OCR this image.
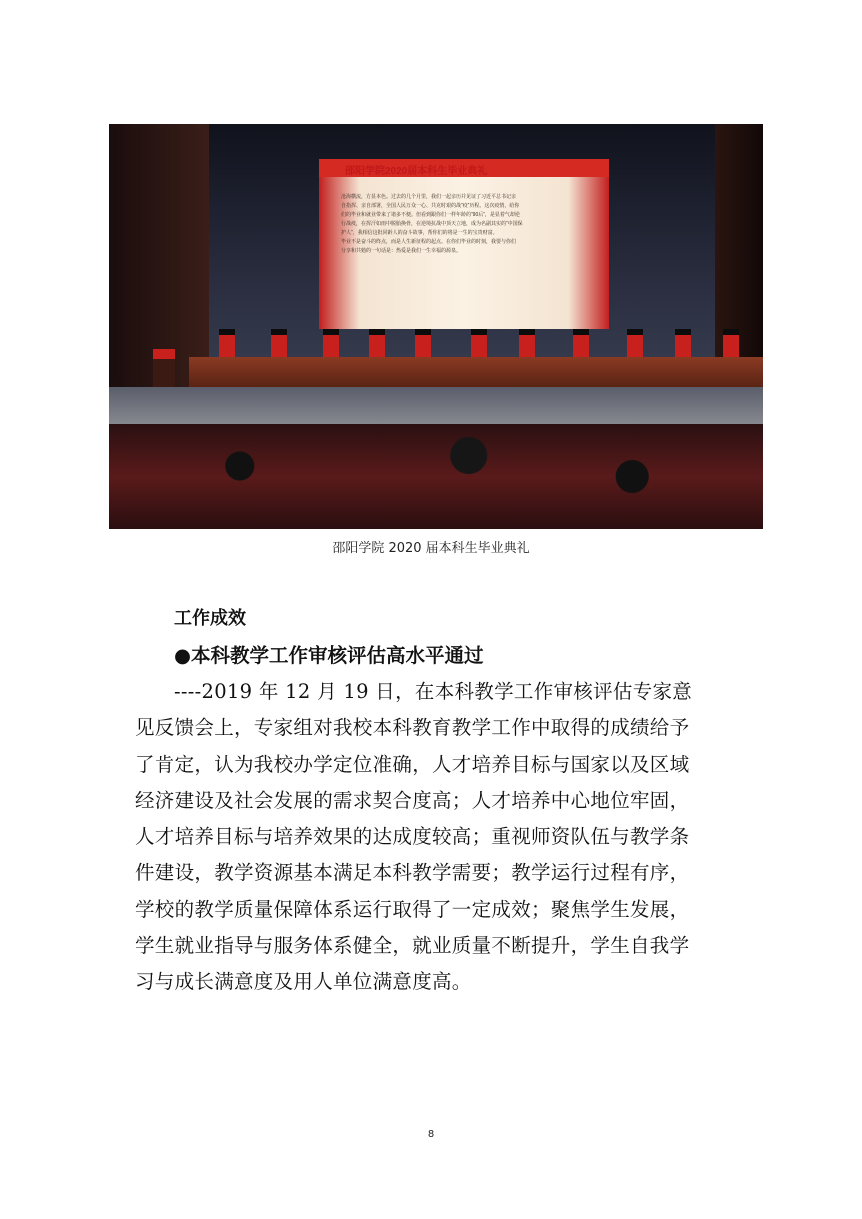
邵阳学院2020届本科生毕业典礼
沧海横流，方显本色。过去的几个月里，我们一起亲历并见证了习近平总书记亲
自指挥、亲自部署，全国人民万众一心、共克时艰的战“疫”历程。这次疫情，给你
们的毕业和就业带来了诸多不便。但看到跟你们一样年龄的“90后”，是显着气却逆
行战疫，在挥汗如雨中脱胎换骨，在逆境抗战中顶天立地，成为名副其实的“中国保
护人”，我相信这批同龄人的奋斗故事，帮你们的将是一生的宝贵财富。
毕业不是奋斗的终点，而是人生新征程的起点。在你们毕业的时刻，我要与你们
分享和共勉的一句话是：热爱是我们一生幸福的源泉。
邵阳学院 2020 届本科生毕业典礼
工作成效
●本科教学工作审核评估高水平通过
----2019 年 12 月 19 日，在本科教学工作审核评估专家意
见反馈会上，专家组对我校本科教育教学工作中取得的成绩给予
了肯定，认为我校办学定位准确，人才培养目标与国家以及区域
经济建设及社会发展的需求契合度高；人才培养中心地位牢固，
人才培养目标与培养效果的达成度较高；重视师资队伍与教学条
件建设，教学资源基本满足本科教学需要；教学运行过程有序，
学校的教学质量保障体系运行取得了一定成效；聚焦学生发展，
学生就业指导与服务体系健全，就业质量不断提升，学生自我学
习与成长满意度及用人单位满意度高。
8
